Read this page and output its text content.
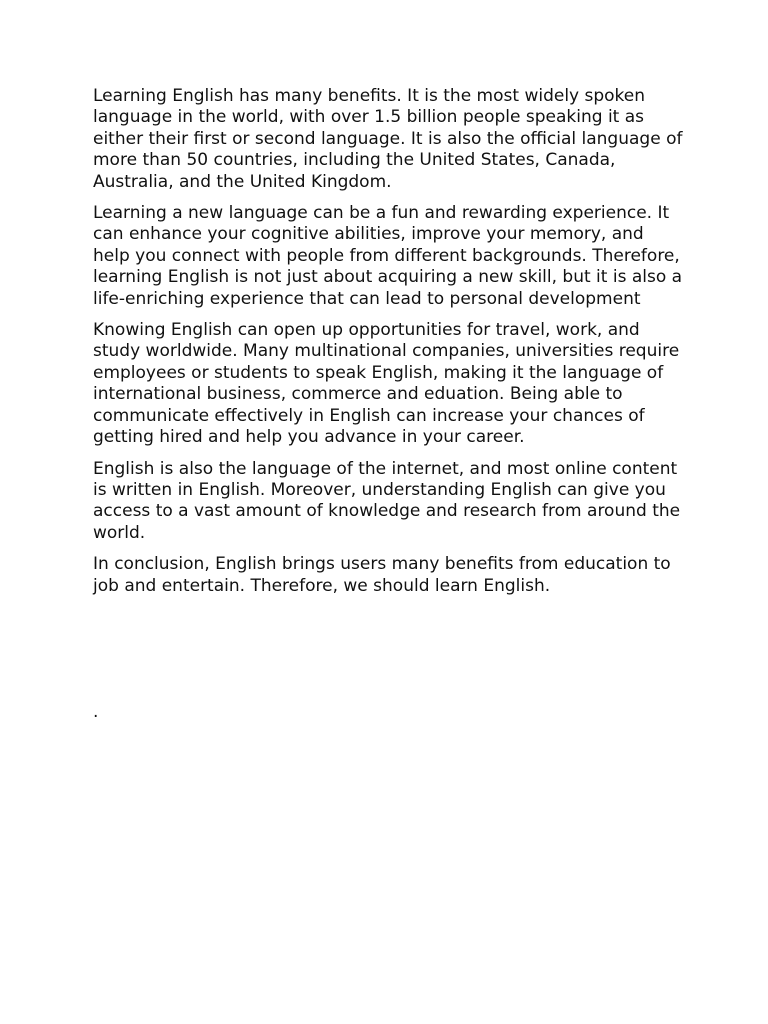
Learning English has many benefits. It is the most widely spoken language in the world, with over 1.5 billion people speaking it as either their first or second language. It is also the official language of more than 50 countries, including the United States, Canada, Australia, and the United Kingdom.

Learning a new language can be a fun and rewarding experience. It can enhance your cognitive abilities, improve your memory, and help you connect with people from different backgrounds. Therefore, learning English is not just about acquiring a new skill, but it is also a life-enriching experience that can lead to personal development

Knowing English can open up opportunities for travel, work, and study worldwide. Many multinational companies, universities require employees or students to speak English, making it the language of international business, commerce and eduation. Being able to communicate effectively in English can increase your chances of getting hired and help you advance in your career.

English is also the language of the internet, and most online content is written in English. Moreover, understanding English can give you access to a vast amount of knowledge and research from around the world.

In conclusion, English brings users many benefits from education to job and entertain. Therefore, we should learn English.

.
